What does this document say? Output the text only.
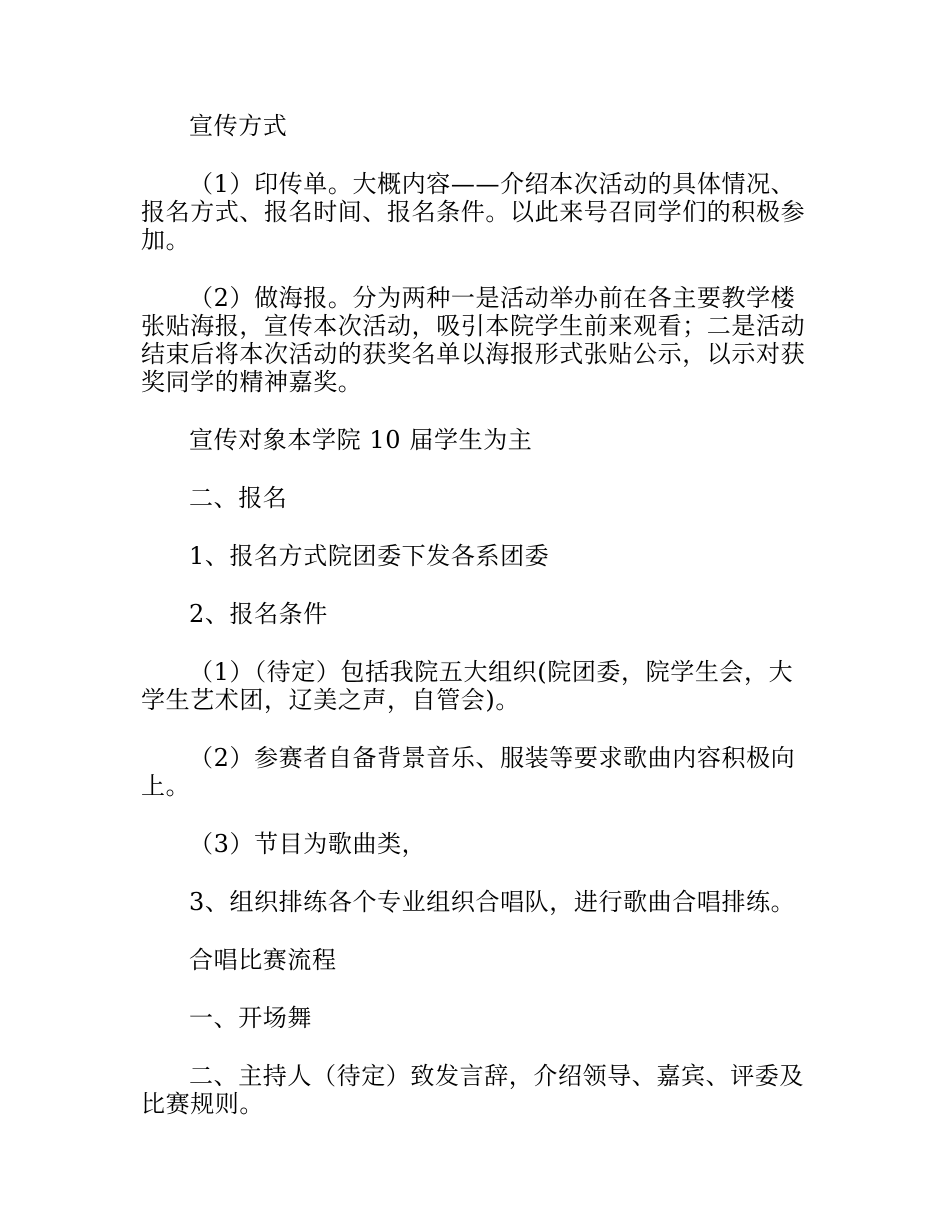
宣传方式

（1）印传单。大概内容——介绍本次活动的具体情况、报名方式、报名时间、报名条件。以此来号召同学们的积极参加。

（2）做海报。分为两种一是活动举办前在各主要教学楼张贴海报，宣传本次活动，吸引本院学生前来观看；二是活动结束后将本次活动的获奖名单以海报形式张贴公示，以示对获奖同学的精神嘉奖。

宣传对象本学院 10 届学生为主

二、报名

1、报名方式院团委下发各系团委

2、报名条件

（1）（待定）包括我院五大组织(院团委，院学生会，大学生艺术团，辽美之声，自管会)。

（2）参赛者自备背景音乐、服装等要求歌曲内容积极向上。

（3）节目为歌曲类，

3、组织排练各个专业组织合唱队，进行歌曲合唱排练。

合唱比赛流程

一、开场舞

二、主持人（待定）致发言辞，介绍领导、嘉宾、评委及比赛规则。
